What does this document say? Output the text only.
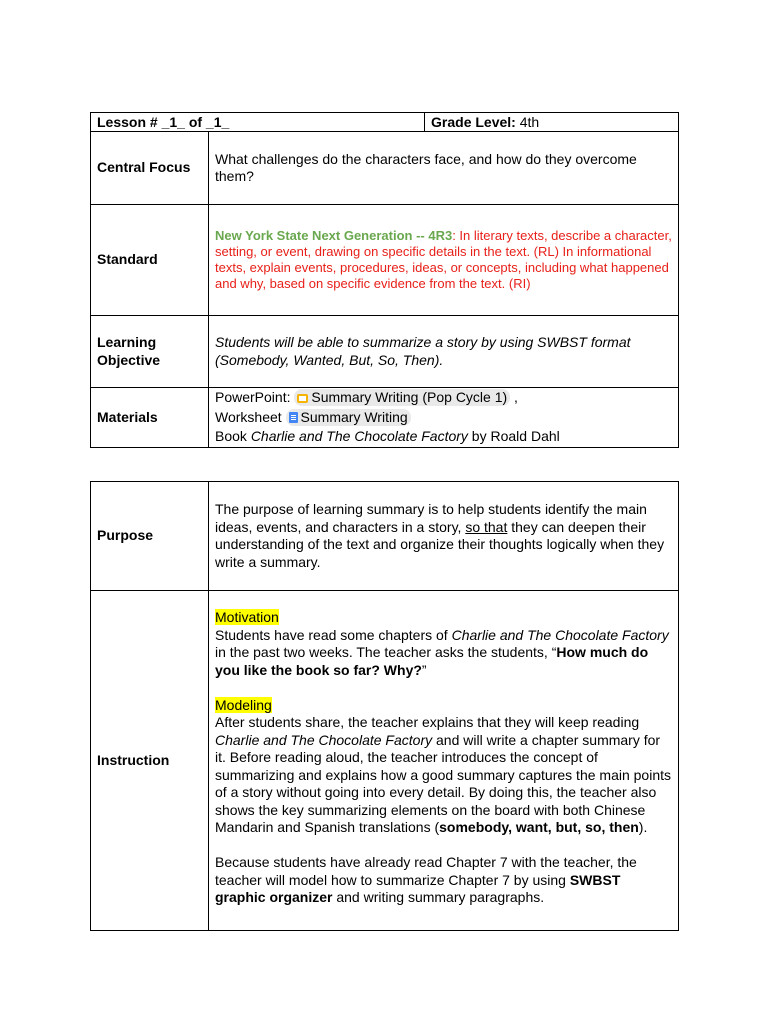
Lesson # _1_ of _1_		Grade Level: 4th
Central Focus	What challenges do the characters face, and how do they overcome them?	
Standard	New York State Next Generation -- 4R3: In literary texts, describe a character, setting, or event, drawing on specific details in the text. (RL) In informational texts, explain events, procedures, ideas, or concepts, including what happened and why, based on specific evidence from the text. (RI)	
Learning Objective	Students will be able to summarize a story by using SWBST format (Somebody, Wanted, But, So, Then).	
Materials	PowerPoint: Summary Writing (Pop Cycle 1) ,
Worksheet Summary Writing
Book Charlie and The Chocolate Factory by Roald Dahl	
Purpose	The purpose of learning summary is to help students identify the main ideas, events, and characters in a story, so that they can deepen their understanding of the text and organize their thoughts logically when they write a summary.
Instruction	Motivation

Students have read some chapters of Charlie and The Chocolate Factory in the past two weeks. The teacher asks the students, “How much do you like the book so far? Why?”

Modeling

After students share, the teacher explains that they will keep reading Charlie and The Chocolate Factory and will write a chapter summary for it. Before reading aloud, the teacher introduces the concept of summarizing and explains how a good summary captures the main points of a story without going into every detail. By doing this, the teacher also shows the key summarizing elements on the board with both Chinese Mandarin and Spanish translations (somebody, want, but, so, then).

Because students have already read Chapter 7 with the teacher, the teacher will model how to summarize Chapter 7 by using SWBST graphic organizer and writing summary paragraphs.
